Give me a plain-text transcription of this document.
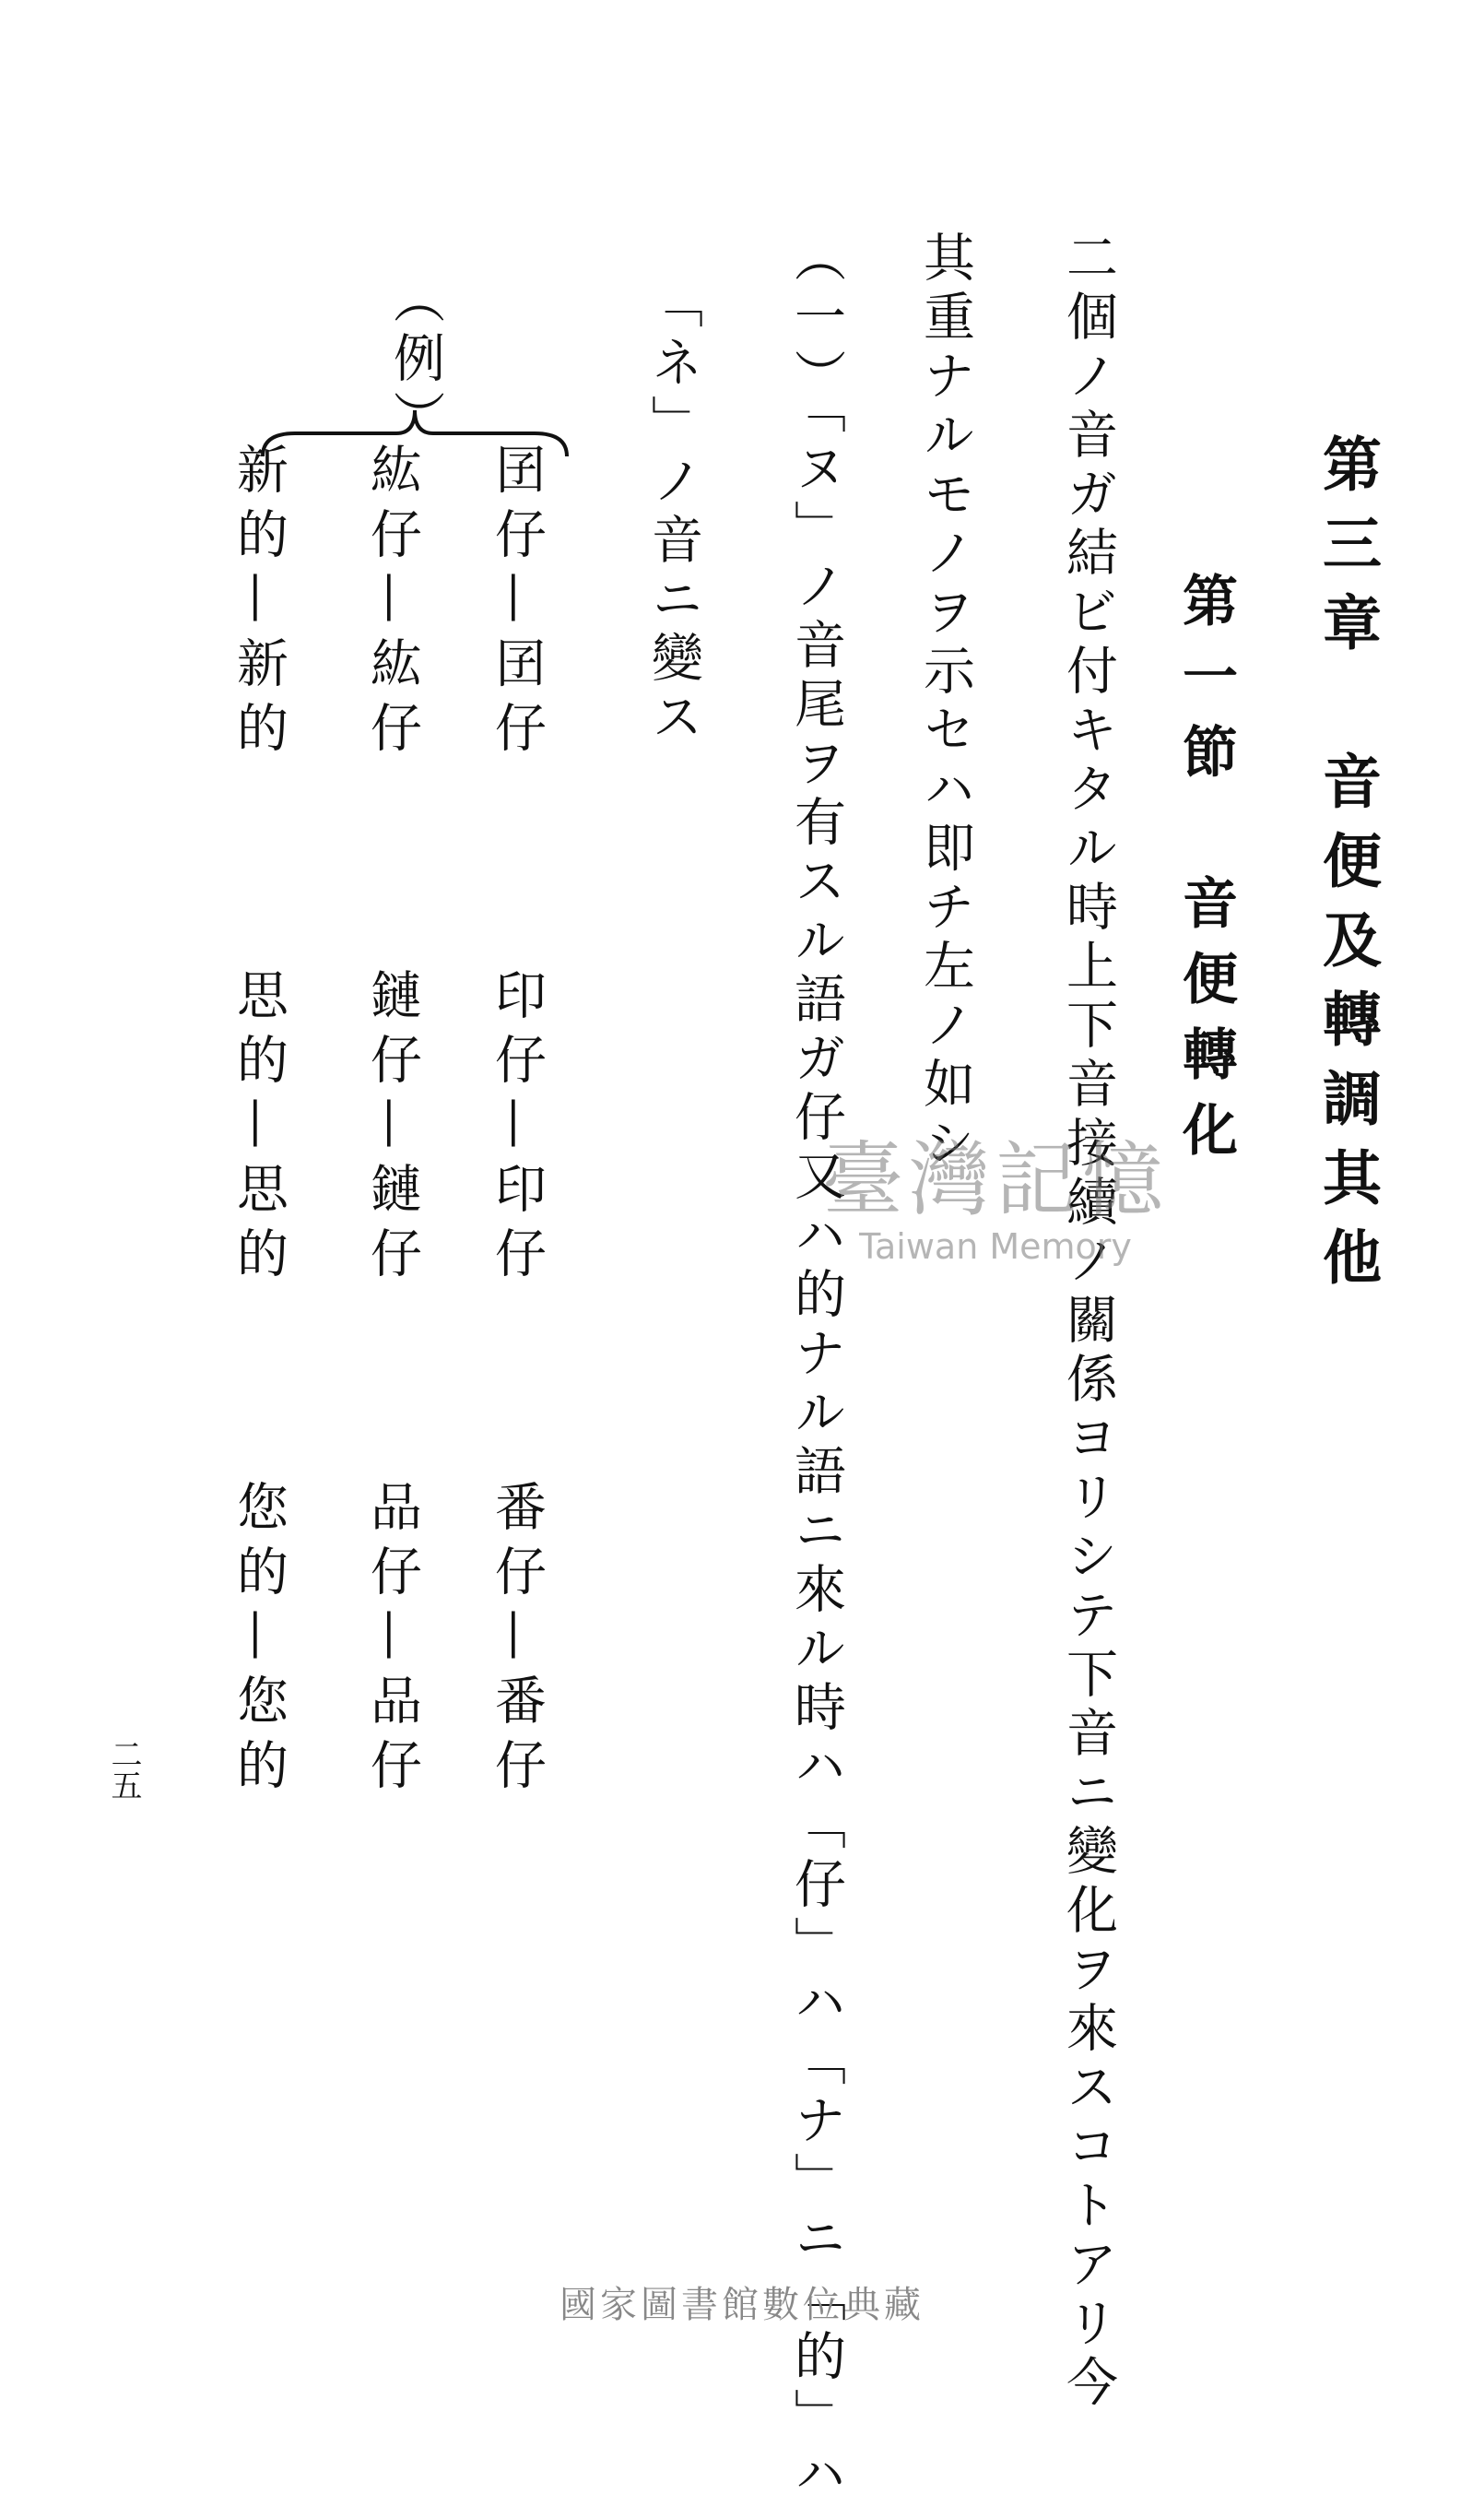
第三章　音便及轉調其他
第一節　音便轉化
二個ノ音ガ結ビ付キタル時上下音接續ノ關係ヨリシテ下音ニ變化ヲ來スコトアリ今
其重ナルモノヲ示セハ即チ左ノ如シ
（一）「ヌ」ノ音尾ヲ有スル語ガ仔又ハ的ナル語ニ來ル時ハ「仔」ハ「ナ」ニ「的」ハ
「ネ」ノ音ニ變ス
（例）
囝仔—囝仔
紘仔—紘仔
新的—新的
印仔—印仔
鏈仔—鏈仔
思的—思的
番仔—番仔
品仔—品仔
您的—您的
二五
臺灣記憶
Taiwan Memory
國家圖書館數位典藏
